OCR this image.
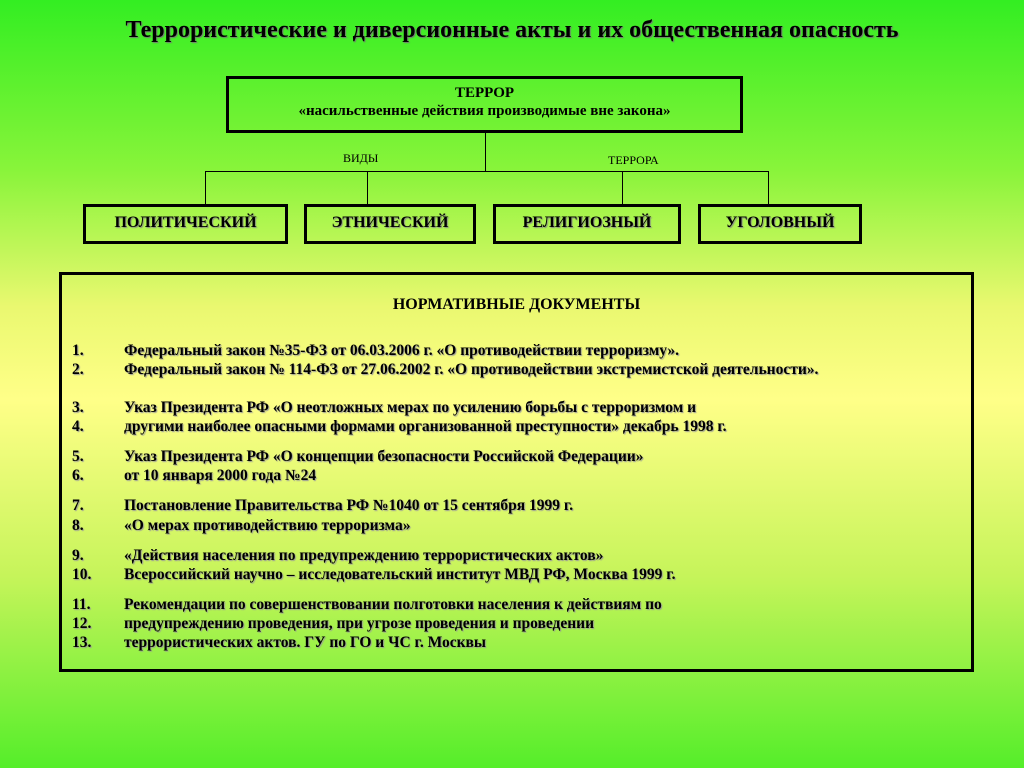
Террористические и диверсионные акты и их общественная опасность
ТЕРРОР
«насильственные действия производимые вне закона»
ВИДЫ	ТЕРРОРА
ПОЛИТИЧЕСКИЙ	ЭТНИЧЕСКИЙ	РЕЛИГИОЗНЫЙ	УГОЛОВНЫЙ
НОРМАТИВНЫЕ ДОКУМЕНТЫ
1.	Федеральный закон №35-ФЗ от 06.03.2006 г. «О противодействии терроризму».
2.	Федеральный закон № 114-ФЗ от 27.06.2002 г. «О противодействии экстремистской деятельности».
3.	Указ Президента РФ «О неотложных мерах по усилению борьбы с терроризмом и
4.	другими наиболее опасными формами организованной преступности» декабрь 1998 г.
5.	Указ Президента РФ «О концепции безопасности Российской Федерации»
6.	от 10 января 2000 года №24
7.	Постановление Правительства РФ №1040 от 15 сентября 1999 г.
8.	«О мерах противодействию терроризма»
9.	«Действия населения по предупреждению террористических актов»
10. Всероссийский научно – исследовательский институт МВД РФ, Москва 1999 г.
11. Рекомендации по совершенствовании полготовки населения к действиям по
12. предупреждению проведения, при угрозе проведения и проведении
13. террористических актов. ГУ по ГО и ЧС г. Москвы
